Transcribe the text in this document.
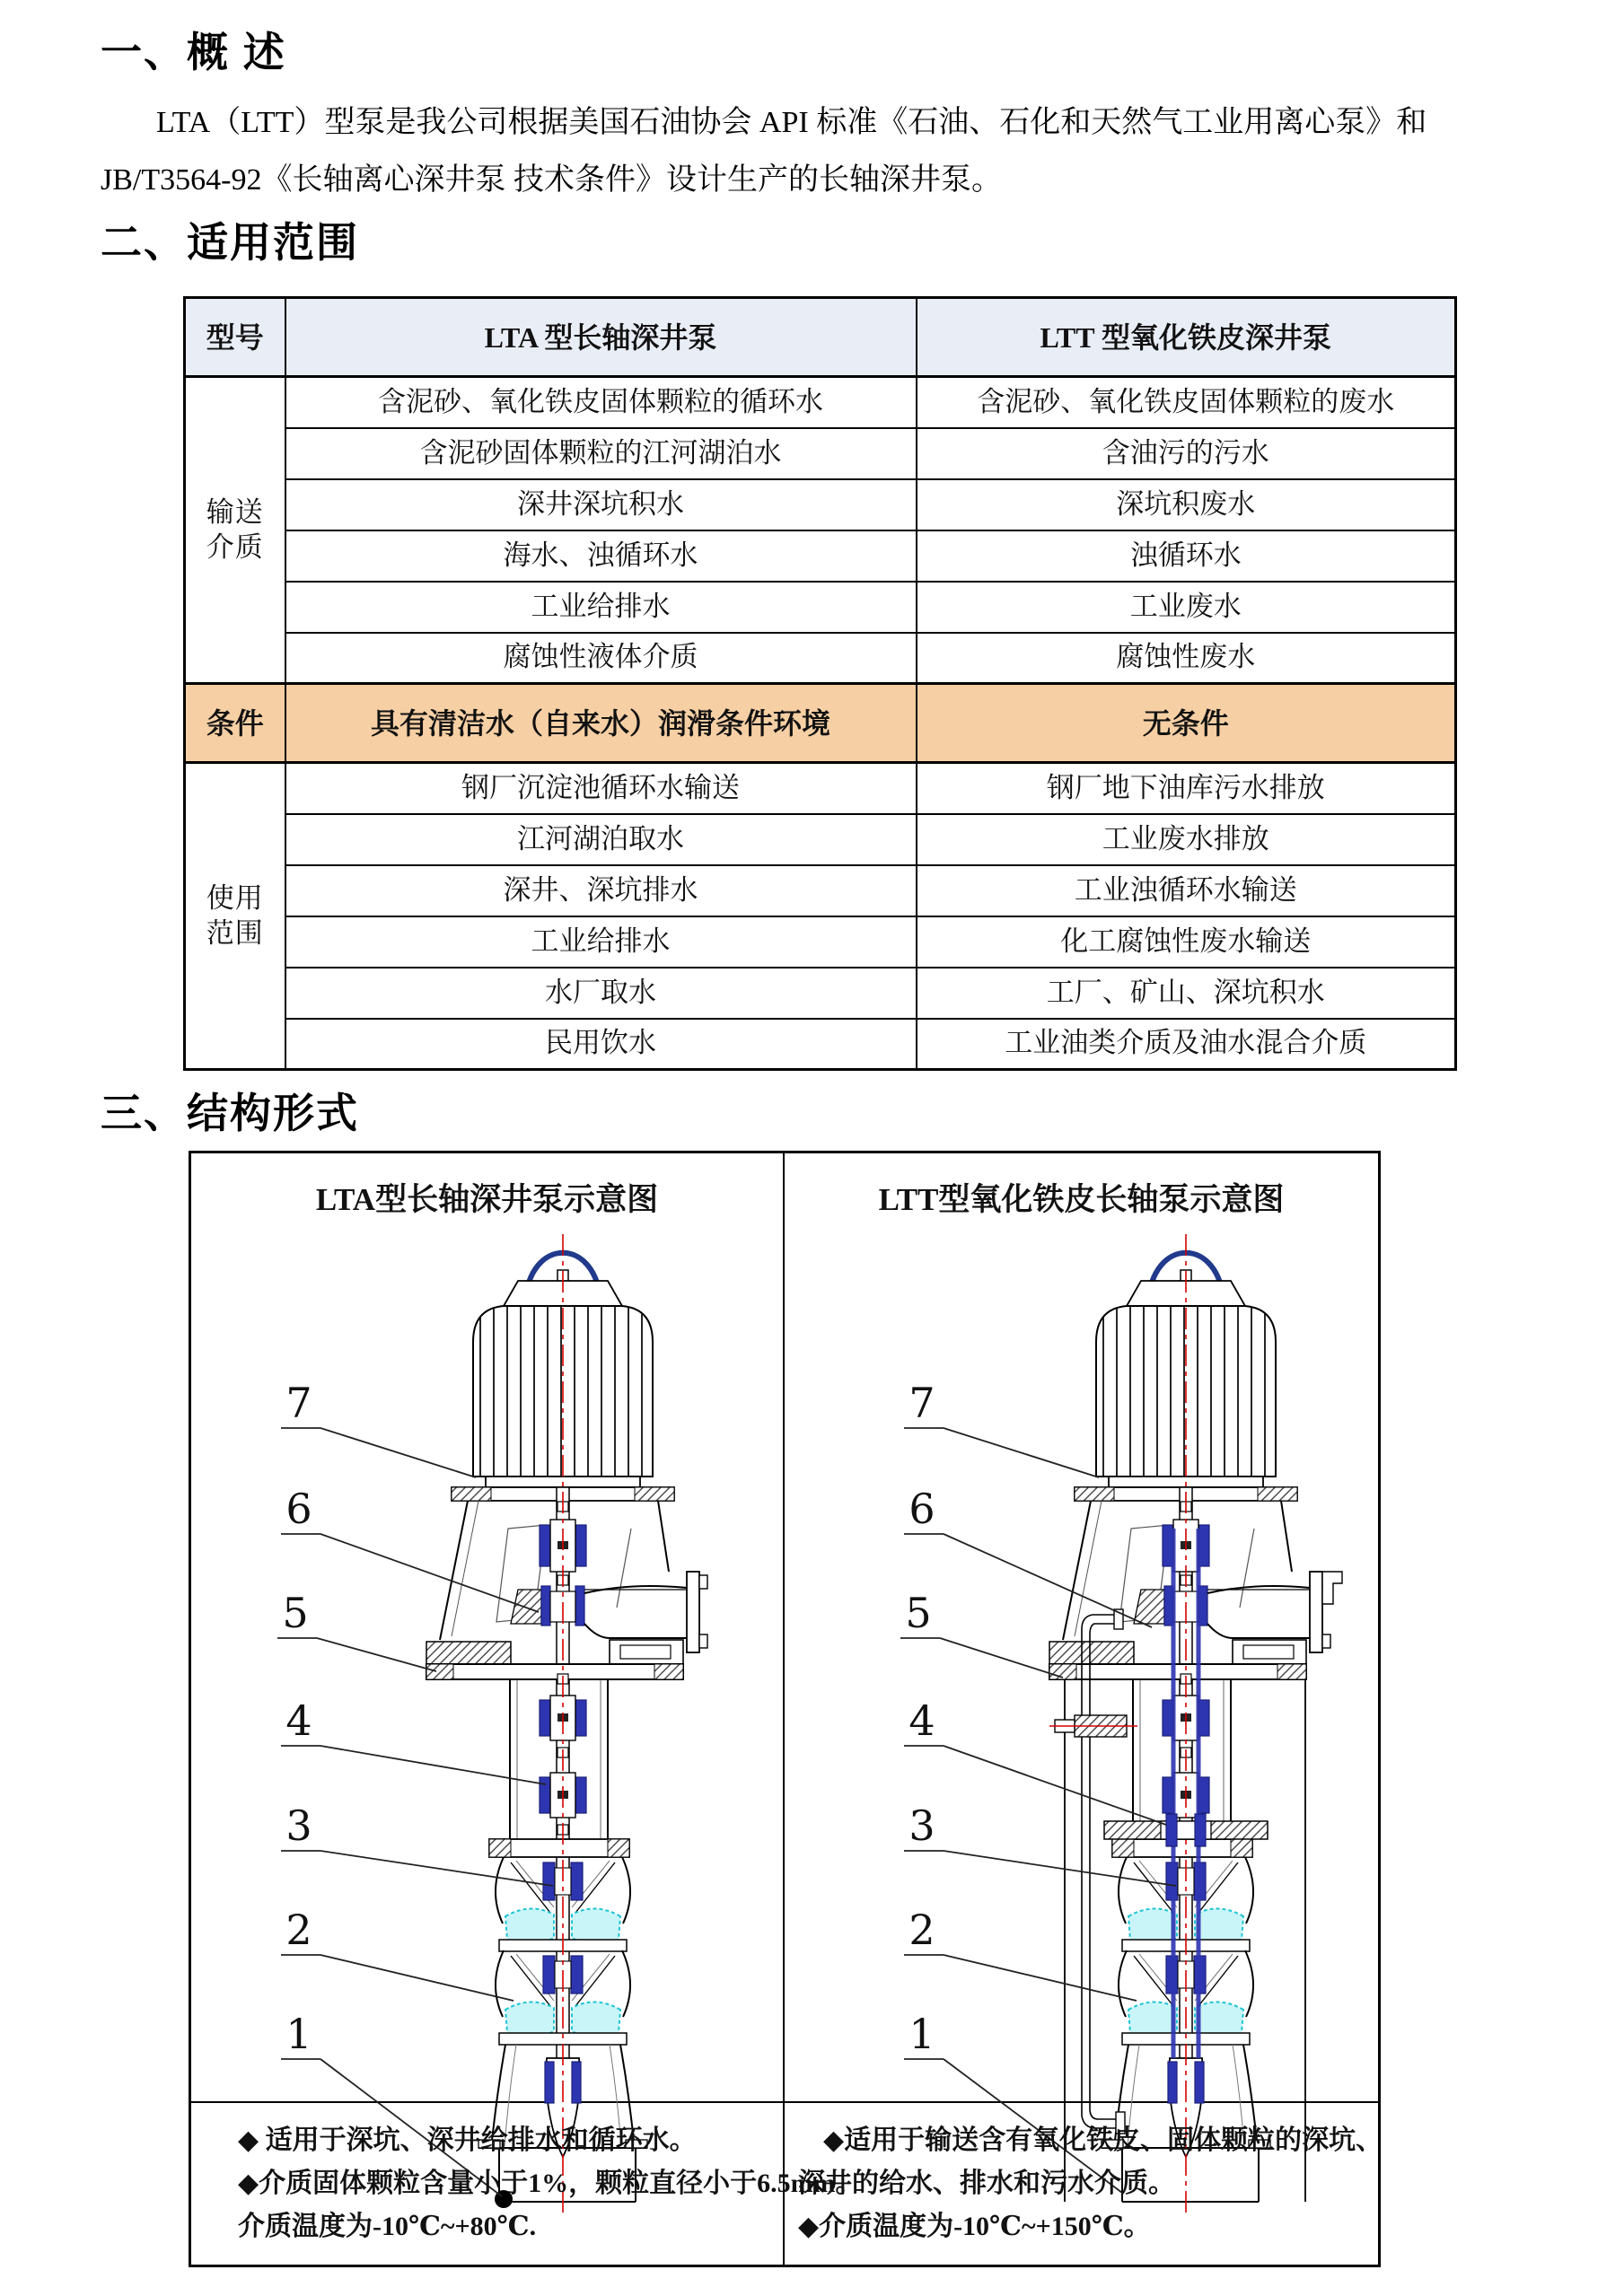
一、概 述
LTA（LTT）型泵是我公司根据美国石油协会 API 标准《石油、石化和天然气工业用离心泵》和
JB/T3564-92《长轴离心深井泵 技术条件》设计生产的长轴深井泵。
二、适用范围
型号	LTA 型长轴深井泵	LTT 型氧化铁皮深井泵

输送
介质	含泥砂、氧化铁皮固体颗粒的循环水	含泥砂、氧化铁皮固体颗粒的废水
	含泥砂固体颗粒的江河湖泊水	含油污的污水
	深井深坑积水	深坑积废水
	海水、浊循环水	浊循环水
	工业给排水	工业废水
	腐蚀性液体介质	腐蚀性废水
条件	具有清洁水（自来水）润滑条件环境	无条件

使用
范围	钢厂沉淀池循环水输送	钢厂地下油库污水排放
	江河湖泊取水	工业废水排放
	深井、深坑排水	工业浊循环水输送
	工业给排水	化工腐蚀性废水输送
	水厂取水	工厂、矿山、深坑积水
	民用饮水	工业油类介质及油水混合介质
三、结构形式
LTA型长轴深井泵示意图	LTT型氧化铁皮长轴泵示意图
7
6
5
4
3
2
1
7
6
5
4
3
2
1
◆ 适用于深坑、深井给排水和循环水。
◆介质固体颗粒含量小于1%，颗粒直径小于6.5mm。
介质温度为-10℃~+80℃.
◆适用于输送含有氧化铁皮、固体颗粒的深坑、
深井的给水、排水和污水介质。
◆介质温度为-10℃~+150℃。
